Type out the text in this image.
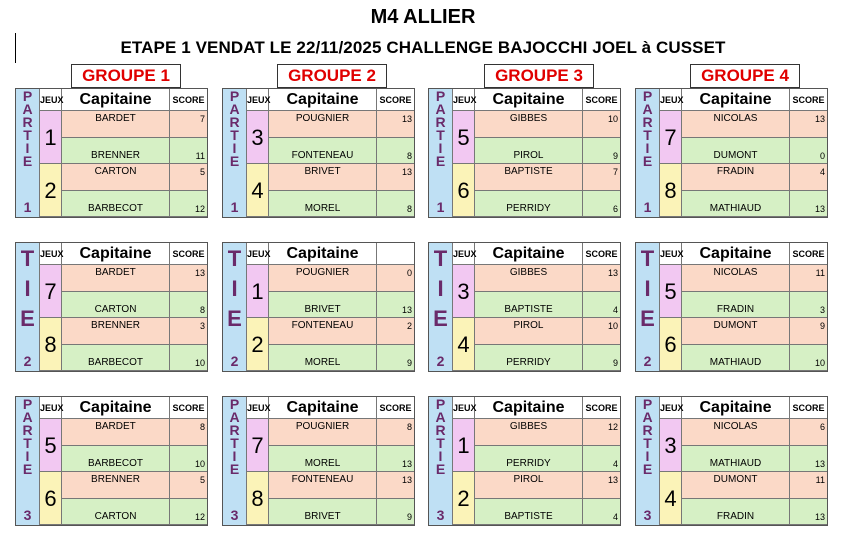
M4 ALLIER
ETAPE 1 VENDAT LE 22/11/2025 CHALLENGE BAJOCCHI JOEL à CUSSET
GROUPE 1	GROUPE 2	GROUPE 3	GROUPE 4
P
A
R
T
I
E
1
JEUX Capitaine	SCORE
1
BARDET	7
BRENNER	11
2
CARTON	5
BARBECOT	12
P
A
R
T
I
E
1
JEUX Capitaine	SCORE
3
POUGNIER	13
FONTENEAU	8
4
BRIVET	13
MOREL	8
P
A
R
T
I
E
1
JEUX Capitaine	SCORE
5
GIBBES	10
PIROL	9
6
BAPTISTE	7
PERRIDY	6
P
A
R
T
I
E
1
JEUX Capitaine	SCORE
7
NICOLAS	13
DUMONT	0
8
FRADIN	4
MATHIAUD	13
T
I
E
2
JEUX Capitaine	SCORE
7
BARDET	13
CARTON	8
8
BRENNER	3
BARBECOT	10
T
I
E
2
JEUX Capitaine
1
POUGNIER	0
BRIVET	13
2
FONTENEAU	2
MOREL	9
T
I
E
2
JEUX Capitaine	SCORE
3
GIBBES	13
BAPTISTE	4
4
PIROL	10
PERRIDY	9
T
I
E
2
JEUX Capitaine	SCORE
5
NICOLAS	11
FRADIN	3
6
DUMONT	9
MATHIAUD	10
P
A
R
T
I
E
3
JEUX Capitaine	SCORE
5
BARDET	8
BARBECOT	10
6
BRENNER	5
CARTON	12
P
A
R
T
I
E
3
JEUX Capitaine	SCORE
7
POUGNIER	8
MOREL	13
8
FONTENEAU	13
BRIVET	9
P
A
R
T
I
E
3
JEUX Capitaine	SCORE
1
GIBBES	12
PERRIDY	4
2
PIROL	13
BAPTISTE	4
P
A
R
T
I
E
3
JEUX Capitaine	SCORE
3
NICOLAS	6
MATHIAUD	13
4
DUMONT	11
FRADIN	13
